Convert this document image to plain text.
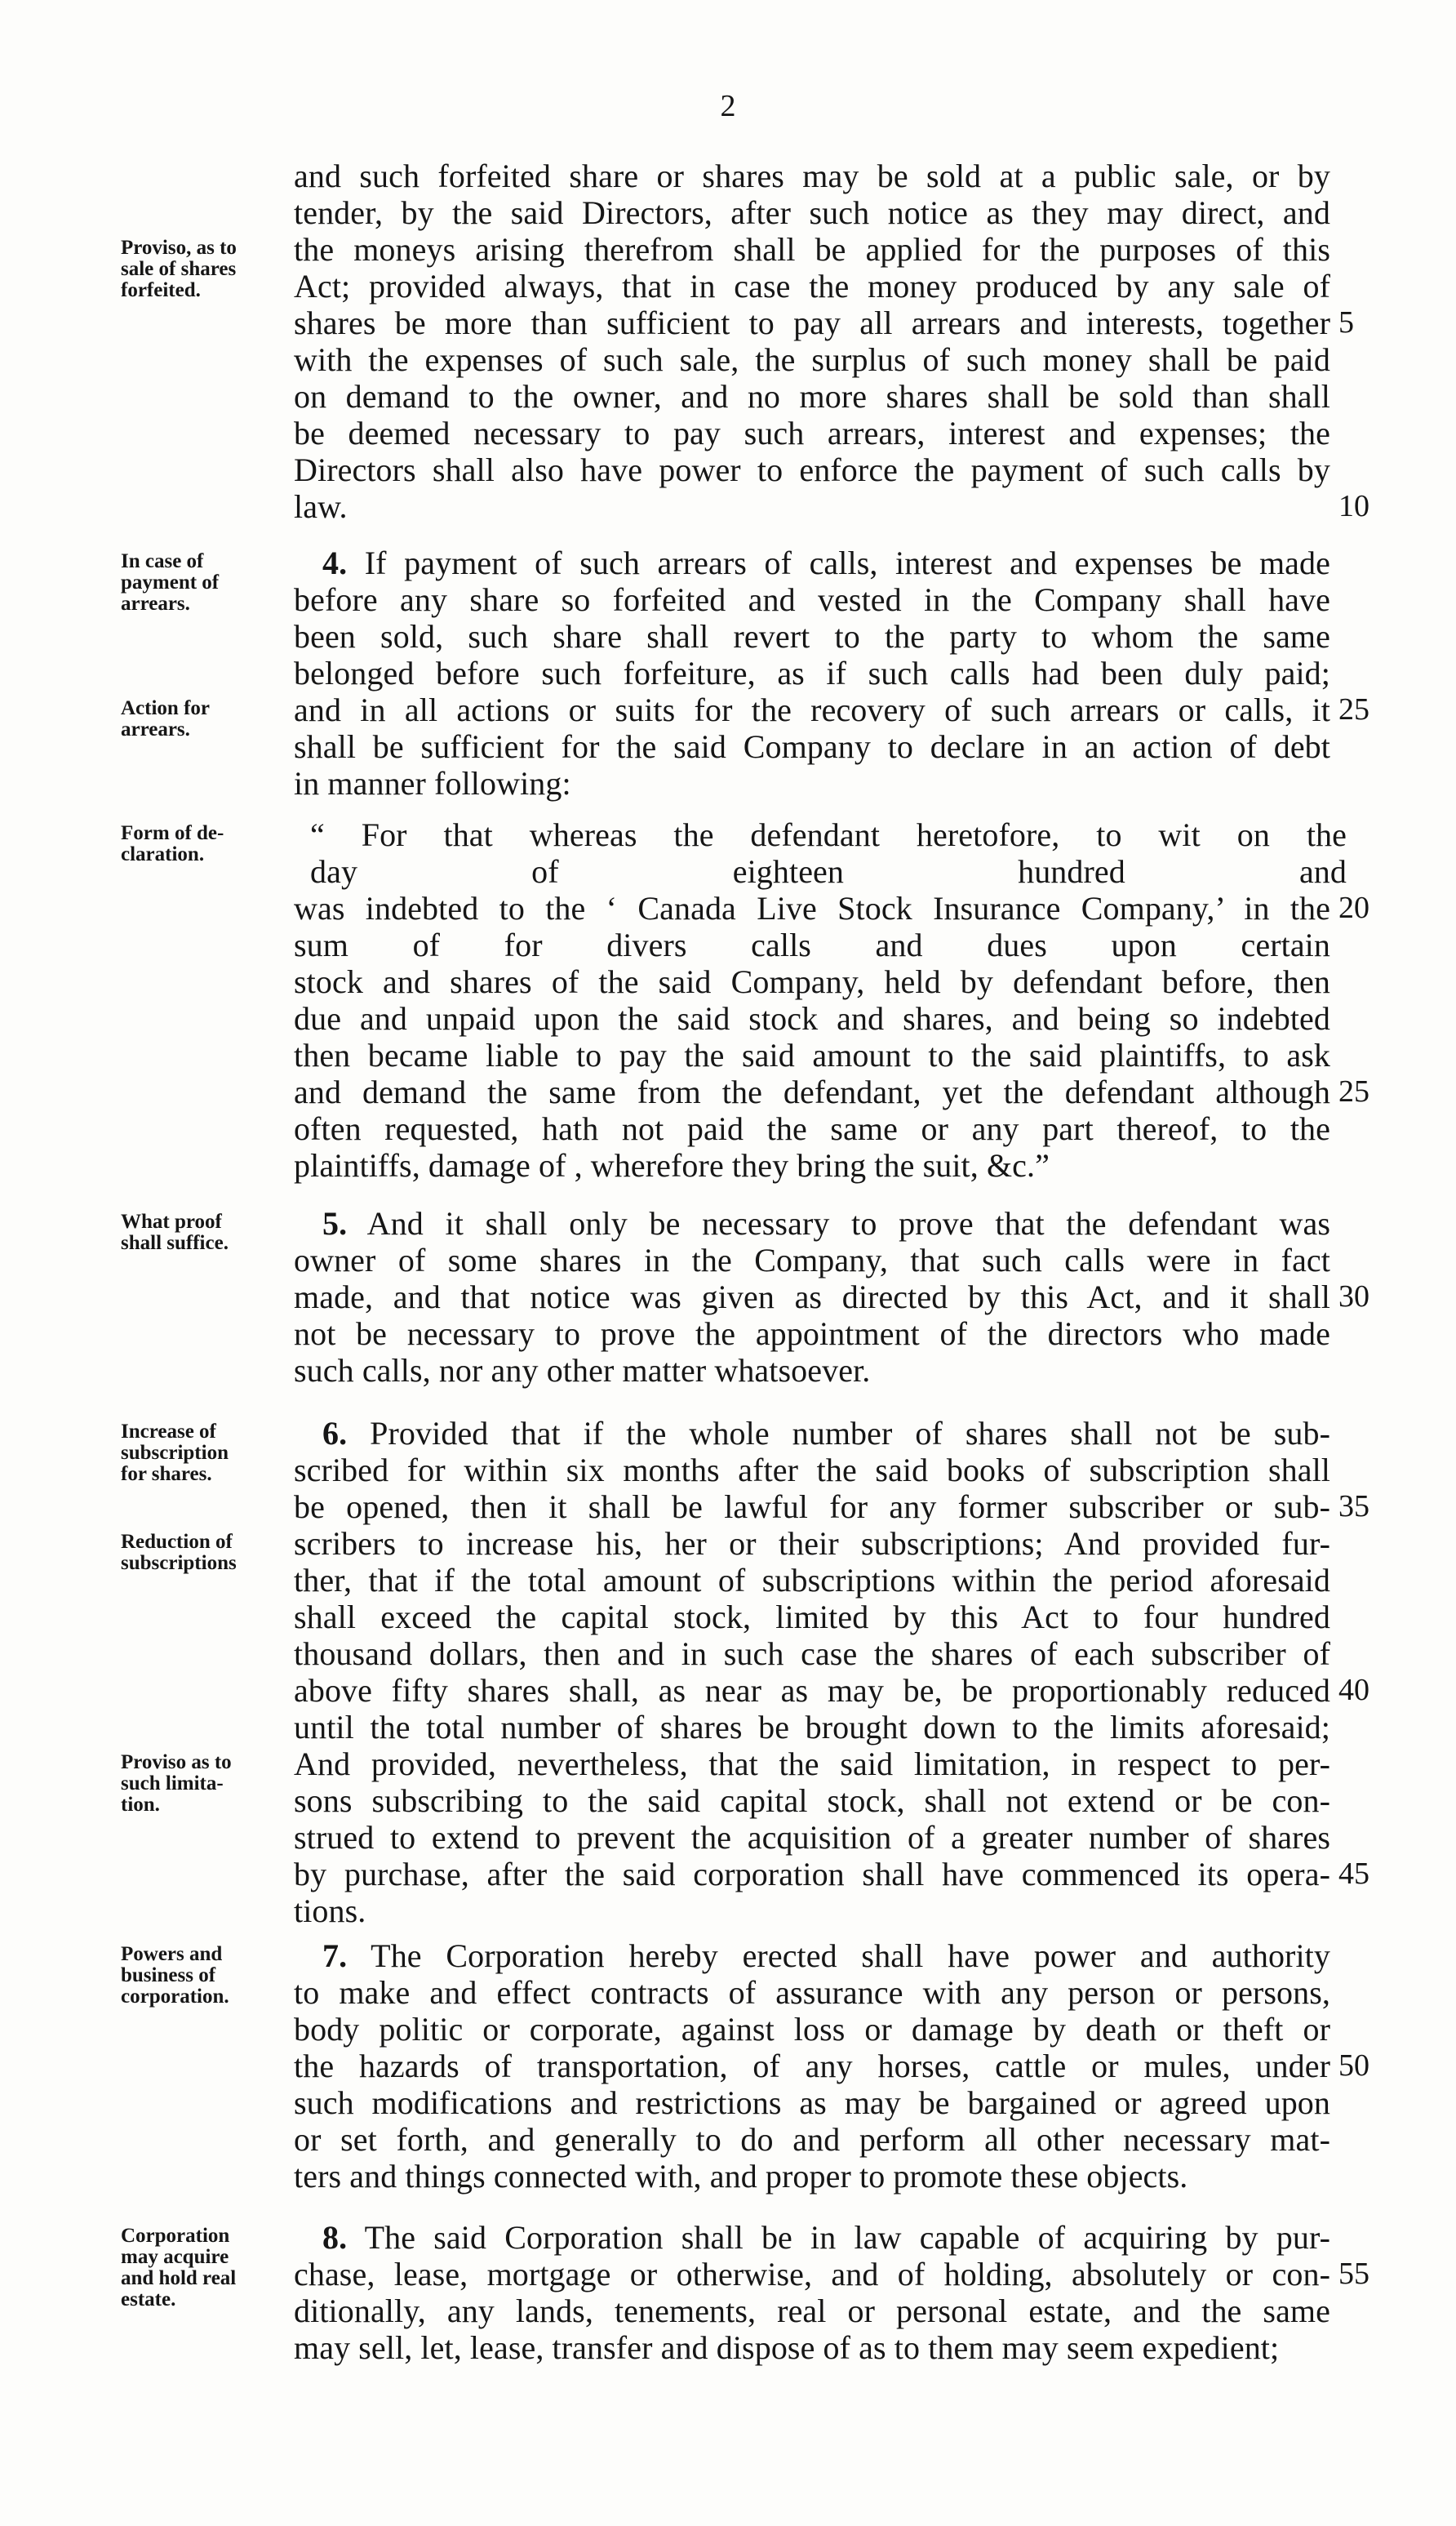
2
and such forfeited share or shares may be sold at a public sale, or by
tender, by the said Directors, after such notice as they may direct, and
the moneys arising therefrom shall be applied for the purposes of this
Act; provided always, that in case the money produced by any sale of
shares be more than sufficient to pay all arrears and interests, together
with the expenses of such sale, the surplus of such money shall be paid
on demand to the owner, and no more shares shall be sold than shall
be deemed necessary to pay such arrears, interest and expenses; the
Directors shall also have power to enforce the payment of such calls by
law.
Proviso, as to
sale of shares
forfeited.
5
10
4. If payment of such arrears of calls, interest and expenses be made
before any share so forfeited and vested in the Company shall have
been sold, such share shall revert to the party to whom the same
belonged before such forfeiture, as if such calls had been duly paid;
and in all actions or suits for the recovery of such arrears or calls, it
shall be sufficient for the said Company to declare in an action of debt
in manner following:
In case of
payment of
arrears.
Action for
arrears.
25
“ For that whereas the defendant heretofore, to wit on the
day of eighteen hundred and
was indebted to the ‘ Canada Live Stock Insurance Company,’ in the
sum of for divers calls and dues upon certain
stock and shares of the said Company, held by defendant before, then
due and unpaid upon the said stock and shares, and being so indebted
then became liable to pay the said amount to the said plaintiffs, to ask
and demand the same from the defendant, yet the defendant although
often requested, hath not paid the same or any part thereof, to the
plaintiffs, damage of , wherefore they bring the suit, &c.”
Form of de-
claration.
20
25
5. And it shall only be necessary to prove that the defendant was
owner of some shares in the Company, that such calls were in fact
made, and that notice was given as directed by this Act, and it shall
not be necessary to prove the appointment of the directors who made
such calls, nor any other matter whatsoever.
What proof
shall suffice.
30
6. Provided that if the whole number of shares shall not be sub-
scribed for within six months after the said books of subscription shall
be opened, then it shall be lawful for any former subscriber or sub-
scribers to increase his, her or their subscriptions; And provided fur-
ther, that if the total amount of subscriptions within the period aforesaid
shall exceed the capital stock, limited by this Act to four hundred
thousand dollars, then and in such case the shares of each subscriber of
above fifty shares shall, as near as may be, be proportionably reduced
until the total number of shares be brought down to the limits aforesaid;
And provided, nevertheless, that the said limitation, in respect to per-
sons subscribing to the said capital stock, shall not extend or be con-
strued to extend to prevent the acquisition of a greater number of shares
by purchase, after the said corporation shall have commenced its opera-
tions.
Increase of
subscription
for shares.
Reduction of
subscriptions
Proviso as to
such limita-
tion.
35
40
45
7. The Corporation hereby erected shall have power and authority
to make and effect contracts of assurance with any person or persons,
body politic or corporate, against loss or damage by death or theft or
the hazards of transportation, of any horses, cattle or mules, under
such modifications and restrictions as may be bargained or agreed upon
or set forth, and generally to do and perform all other necessary mat-
ters and things connected with, and proper to promote these objects.
Powers and
business of
corporation.
50
8. The said Corporation shall be in law capable of acquiring by pur-
chase, lease, mortgage or otherwise, and of holding, absolutely or con-
ditionally, any lands, tenements, real or personal estate, and the same
may sell, let, lease, transfer and dispose of as to them may seem expedient;
Corporation
may acquire
and hold real
estate.
55
